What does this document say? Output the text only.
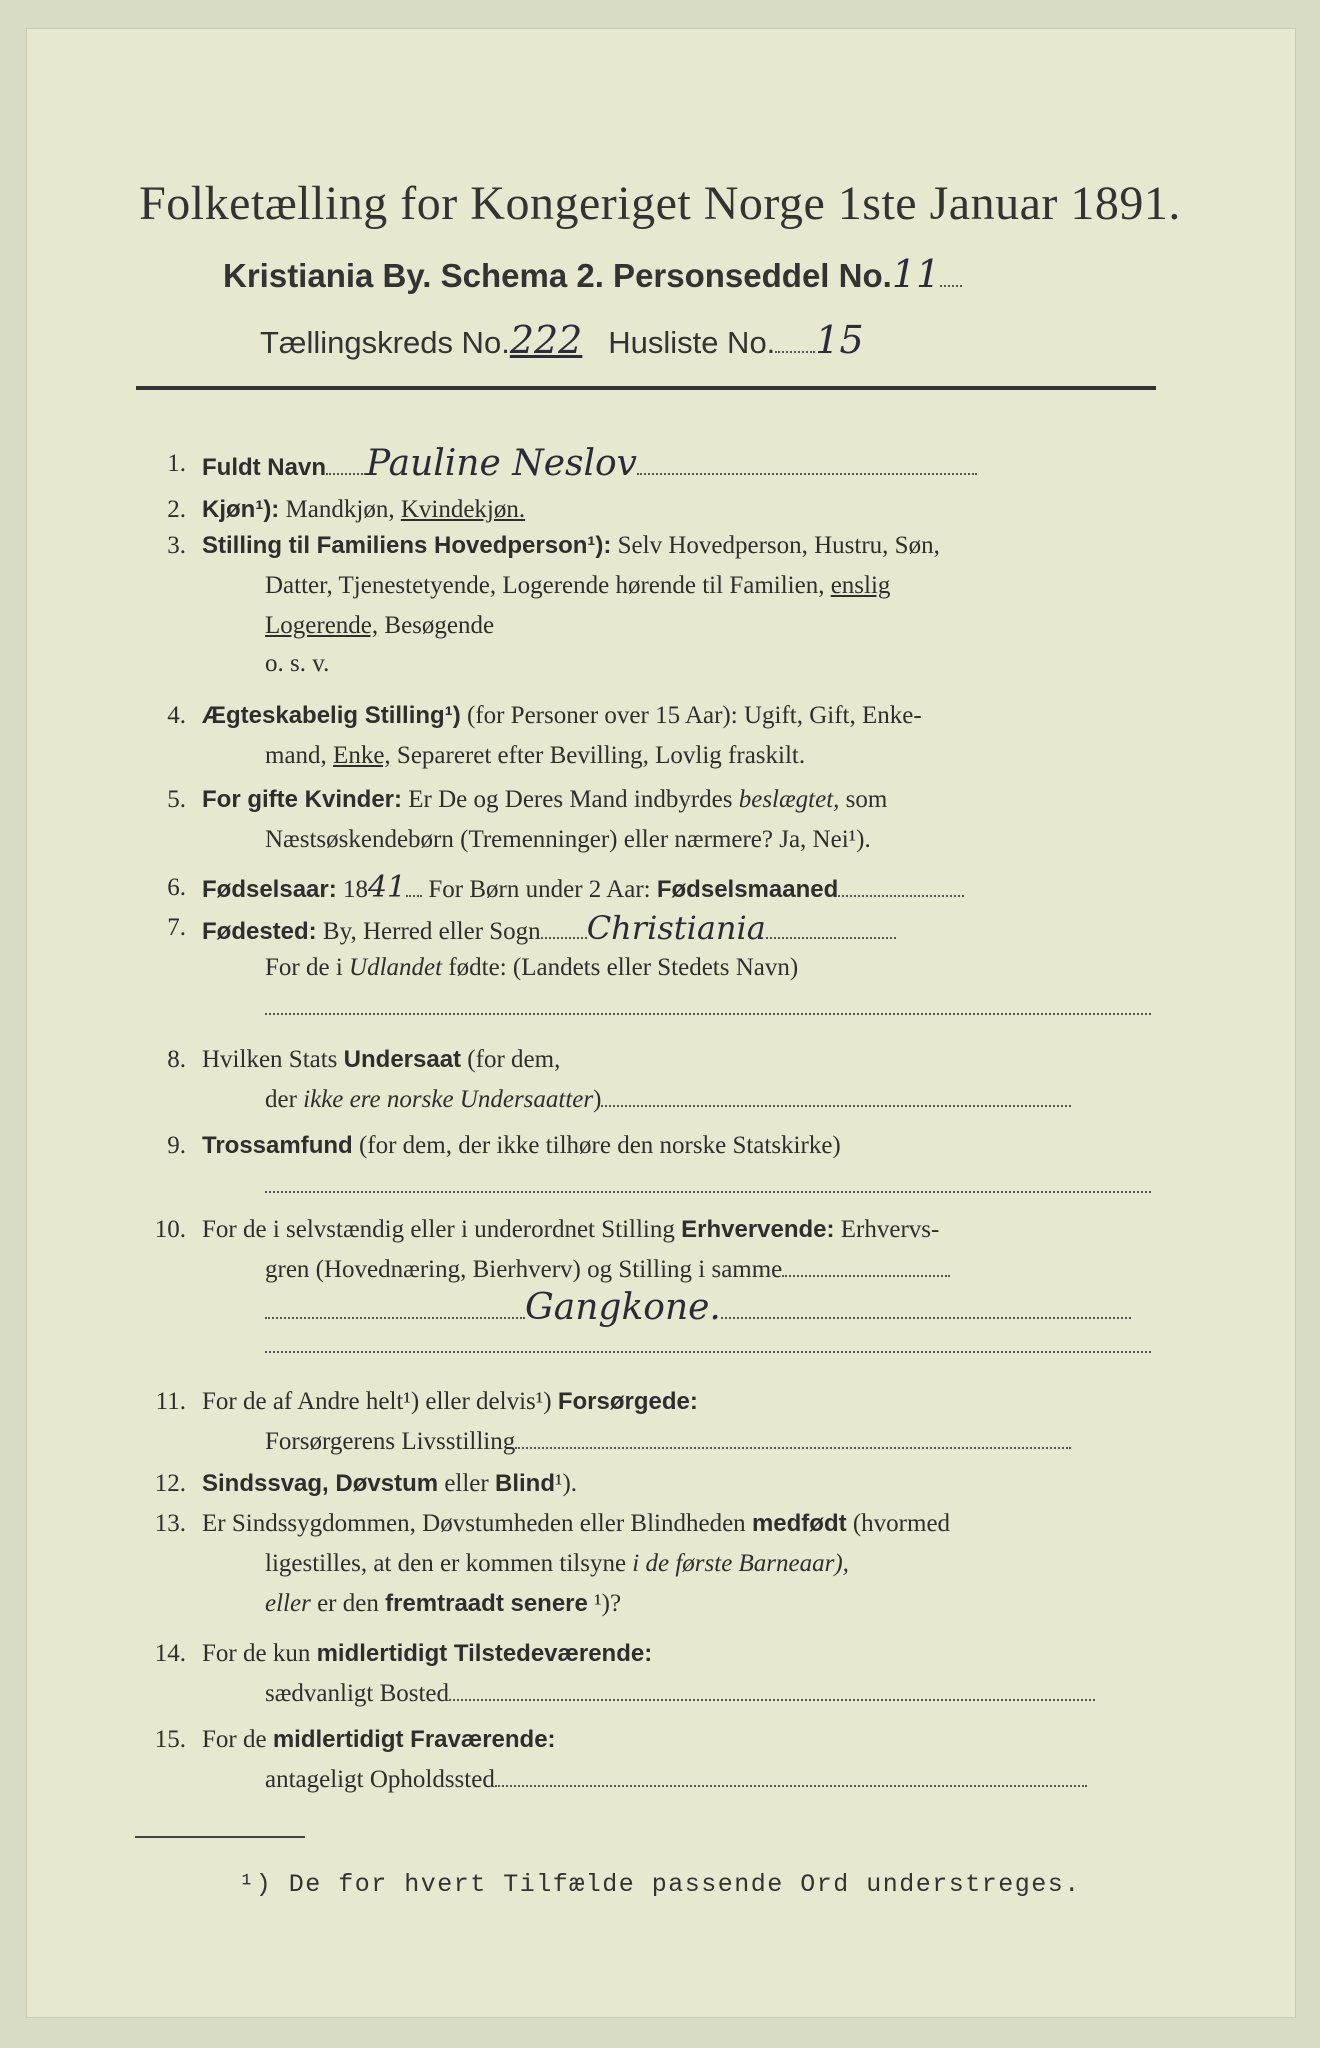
Folketælling for Kongeriget Norge 1ste Januar 1891.
Kristiania By. Schema 2. Personseddel No.11
Tællingskreds No.222 Husliste No. 15
1. Fuldt Navn Pauline Neslov
2. Kjøn¹): Mandkjøn, Kvindekjøn.
3. Stilling til Familiens Hovedperson¹): Selv Hovedperson, Hustru, Søn,
Datter, Tjenestetyende, Logerende hørende til Familien, enslig
Logerende, Besøgende
o. s. v.
4. Ægteskabelig Stilling¹) (for Personer over 15 Aar): Ugift, Gift, Enke-
mand, Enke, Separeret efter Bevilling, Lovlig fraskilt.
5. For gifte Kvinder: Er De og Deres Mand indbyrdes beslægtet, som
Næstsøskendebørn (Tremenninger) eller nærmere? Ja, Nei¹).
6. Fødselsaar: 1841 For Børn under 2 Aar: Fødselsmaaned
7. Fødested: By, Herred eller Sogn Christiania
For de i Udlandet fødte: (Landets eller Stedets Navn)
8. Hvilken Stats Undersaat (for dem,
der ikke ere norske Undersaatter)
9. Trossamfund (for dem, der ikke tilhøre den norske Statskirke)
10. For de i selvstændig eller i underordnet Stilling Erhvervende: Erhvervs-
gren (Hovednæring, Bierhverv) og Stilling i samme
Gangkone.
11. For de af Andre helt¹) eller delvis¹) Forsørgede:
Forsørgerens Livsstilling
12. Sindssvag, Døvstum eller Blind¹).
13. Er Sindssygdommen, Døvstumheden eller Blindheden medfødt (hvormed
ligestilles, at den er kommen tilsyne i de første Barneaar),
eller er den fremtraadt senere ¹)?
14. For de kun midlertidigt Tilstedeværende:
sædvanligt Bosted
15. For de midlertidigt Fraværende:
antageligt Opholdssted
¹) De for hvert Tilfælde passende Ord understreges.
